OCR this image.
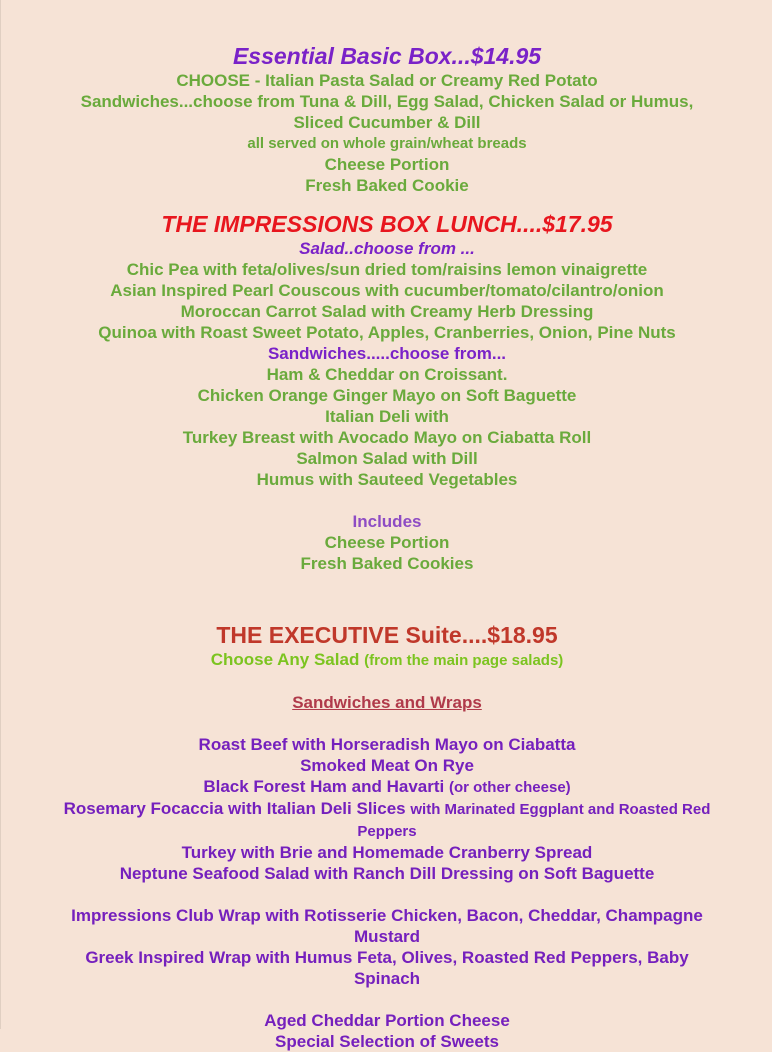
Essential Basic Box...$14.95
CHOOSE - Italian Pasta Salad or Creamy Red Potato
Sandwiches...choose from Tuna & Dill, Egg Salad, Chicken Salad or Humus, Sliced Cucumber & Dill
all served on whole grain/wheat breads
Cheese Portion
Fresh Baked Cookie
THE IMPRESSIONS BOX LUNCH....$17.95
Salad..choose from ...
Chic Pea with feta/olives/sun dried tom/raisins lemon vinaigrette
Asian Inspired Pearl Couscous with cucumber/tomato/cilantro/onion
Moroccan Carrot Salad with Creamy Herb Dressing
Quinoa with Roast Sweet Potato, Apples, Cranberries, Onion, Pine Nuts
Sandwiches.....choose from...
Ham & Cheddar on Croissant.
Chicken Orange Ginger Mayo on Soft Baguette
Italian Deli with
Turkey Breast with Avocado Mayo on Ciabatta Roll
Salmon Salad with Dill
Humus with Sauteed Vegetables
Includes
Cheese Portion
Fresh Baked Cookies
THE EXECUTIVE Suite....$18.95
Choose Any Salad (from the main page salads)
Sandwiches and Wraps
Roast Beef with Horseradish Mayo on Ciabatta
Smoked Meat On Rye
Black Forest Ham and Havarti (or other cheese)
Rosemary Focaccia with Italian Deli Slices with Marinated Eggplant and Roasted Red Peppers
Turkey with Brie and Homemade Cranberry Spread
Neptune Seafood Salad with Ranch Dill Dressing on Soft Baguette
Impressions Club Wrap with Rotisserie Chicken, Bacon, Cheddar, Champagne Mustard
Greek Inspired Wrap with Humus Feta, Olives, Roasted Red Peppers, Baby Spinach
Aged Cheddar Portion Cheese
Special Selection of Sweets
